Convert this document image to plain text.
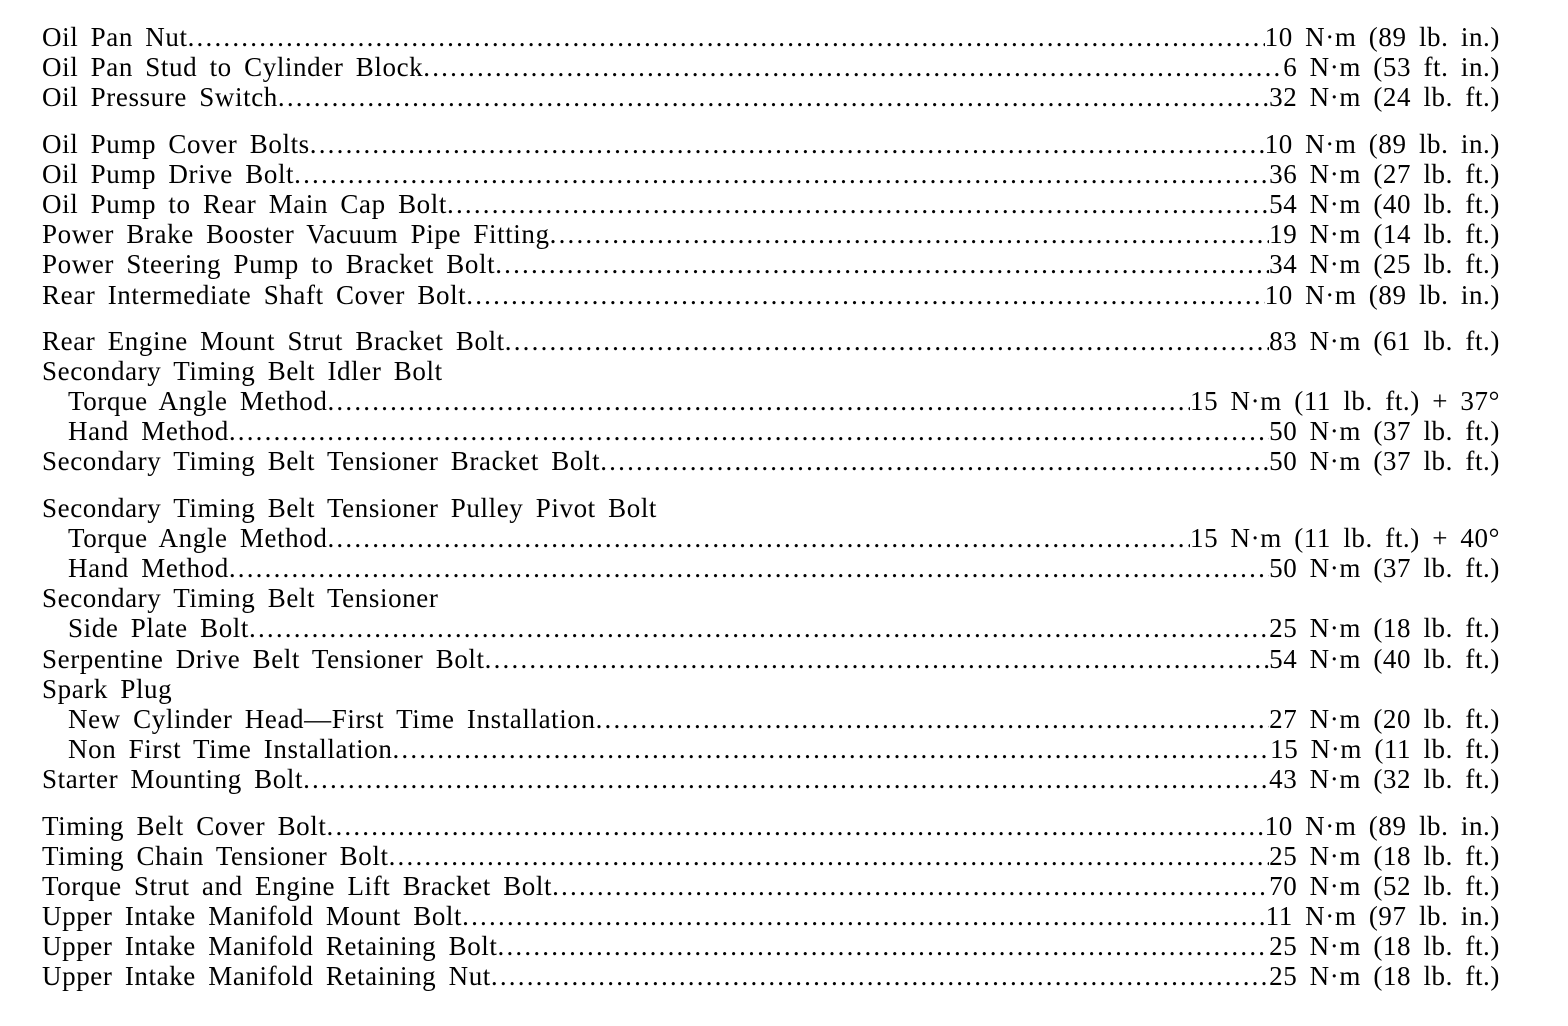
Oil Pan Nut .....	10 N·m (89 lb. in.)
Oil Pan Stud to Cylinder Block .....	6 N·m (53 ft. in.)
Oil Pressure Switch .....	32 N·m (24 lb. ft.)
Oil Pump Cover Bolts .....	10 N·m (89 lb. in.)
Oil Pump Drive Bolt .....	36 N·m (27 lb. ft.)
Oil Pump to Rear Main Cap Bolt .....	54 N·m (40 lb. ft.)
Power Brake Booster Vacuum Pipe Fitting .....	19 N·m (14 lb. ft.)
Power Steering Pump to Bracket Bolt .....	34 N·m (25 lb. ft.)
Rear Intermediate Shaft Cover Bolt .....	10 N·m (89 lb. in.)
Rear Engine Mount Strut Bracket Bolt .....	83 N·m (61 lb. ft.)
Secondary Timing Belt Idler Bolt
Torque Angle Method .....	15 N·m (11 lb. ft.) + 37°
Hand Method .....	50 N·m (37 lb. ft.)
Secondary Timing Belt Tensioner Bracket Bolt .....	50 N·m (37 lb. ft.)
Secondary Timing Belt Tensioner Pulley Pivot Bolt
Torque Angle Method .....	15 N·m (11 lb. ft.) + 40°
Hand Method .....	50 N·m (37 lb. ft.)
Secondary Timing Belt Tensioner
Side Plate Bolt .....	25 N·m (18 lb. ft.)
Serpentine Drive Belt Tensioner Bolt .....	54 N·m (40 lb. ft.)
Spark Plug
New Cylinder Head—First Time Installation .....	27 N·m (20 lb. ft.)
Non First Time Installation .....	15 N·m (11 lb. ft.)
Starter Mounting Bolt .....	43 N·m (32 lb. ft.)
Timing Belt Cover Bolt .....	10 N·m (89 lb. in.)
Timing Chain Tensioner Bolt .....	25 N·m (18 lb. ft.)
Torque Strut and Engine Lift Bracket Bolt .....	70 N·m (52 lb. ft.)
Upper Intake Manifold Mount Bolt .....	11 N·m (97 lb. in.)
Upper Intake Manifold Retaining Bolt .....	25 N·m (18 lb. ft.)
Upper Intake Manifold Retaining Nut .....	25 N·m (18 lb. ft.)
